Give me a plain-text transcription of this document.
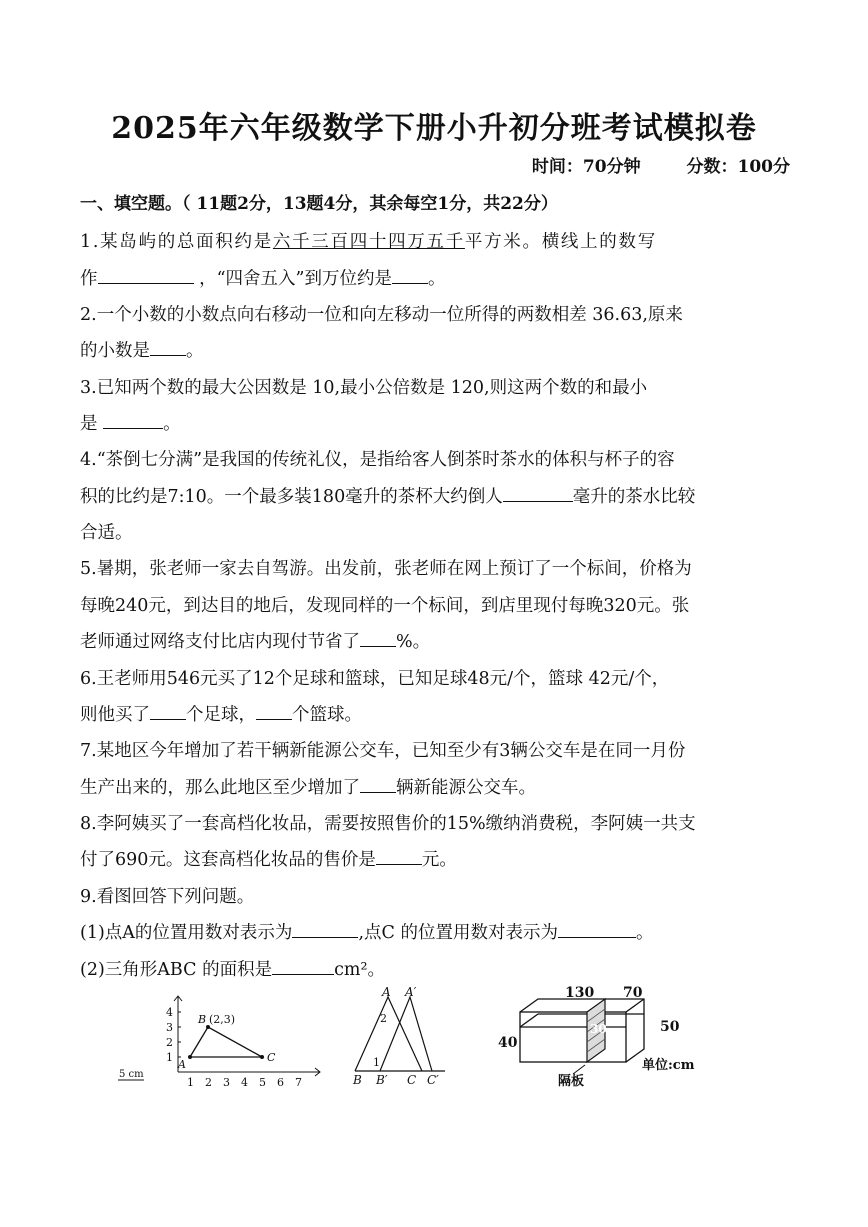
2025年六年级数学下册小升初分班考试模拟卷
时间：70分钟	分数：100分
一、填空题。（ 11题2分，13题4分，其余每空1分，共22分）
1.某岛屿的总面积约是六千三百四十四万五千平方米。横线上的数写
作	，“四舍五入”到万位约是 。
2.一个小数的小数点向右移动一位和向左移动一位所得的两数相差 36.63,原来
的小数是 。
3.已知两个数的最大公因数是 10,最小公倍数是 120,则这两个数的和最小
是	。
4.“茶倒七分满”是我国的传统礼仪，是指给客人倒茶时茶水的体积与杯子的容
积的比约是7:10。一个最多装180毫升的茶杯大约倒人	毫升的茶水比较
合适。
5.暑期，张老师一家去自驾游。出发前，张老师在网上预订了一个标间，价格为
每晚240元，到达目的地后，发现同样的一个标间，到店里现付每晚320元。张
老师通过网络支付比店内现付节省了 %。
6.王老师用546元买了12个足球和篮球，已知足球48元/个，篮球 42元/个，
则他买了 个足球， 个篮球。
7.某地区今年增加了若干辆新能源公交车，已知至少有3辆公交车是在同一月份
生产出来的，那么此地区至少增加了 辆新能源公交车。
8.李阿姨买了一套高档化妆品，需要按照售价的15%缴纳消费税，李阿姨一共支
付了690元。这套高档化妆品的售价是	元。
9.看图回答下列问题。
(1)点A的位置用数对表示为	,点C 的位置用数对表示为	。
(2)三角形ABC 的面积是	cm²。
1 2 3 4 5 6 7
1
2
3
4
B (2,3)
A
C
5 cm
A A′
B B′ C C′
1
2
130 70
40
50
30
单位:cm
隔板
